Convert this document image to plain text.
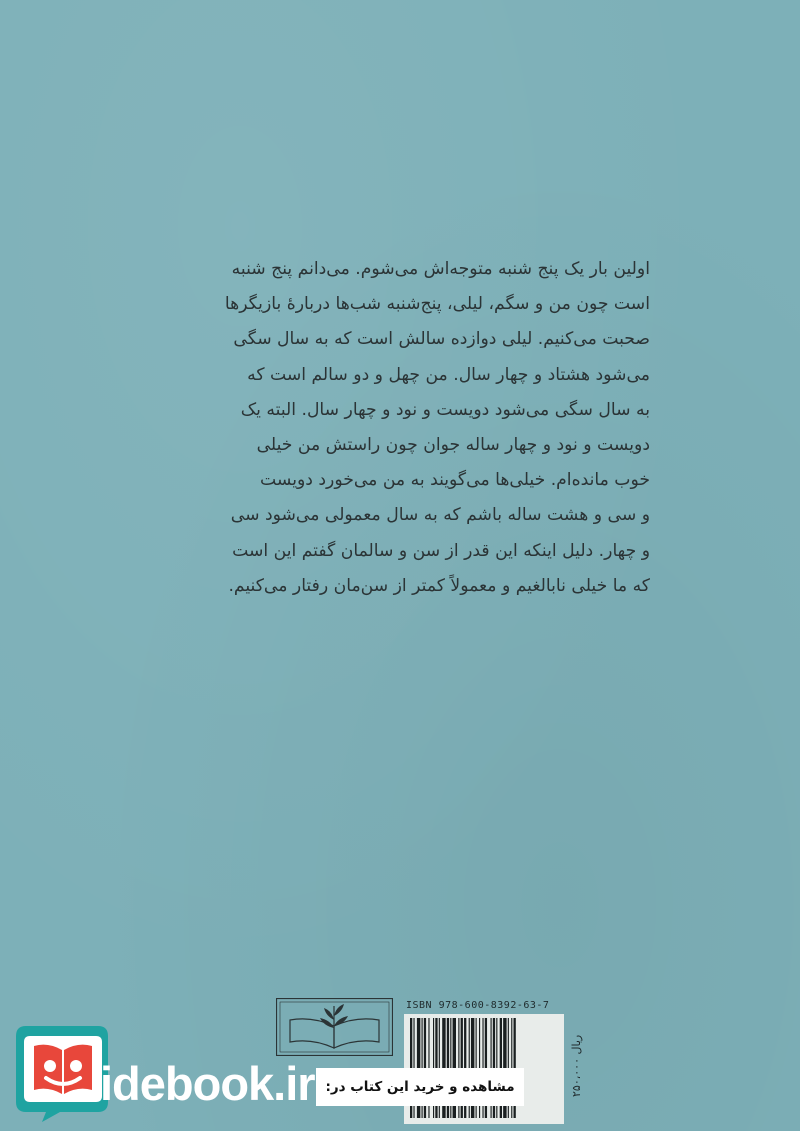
اولین بار یک پنج شنبه متوجه‌اش می‌شوم. می‌دانم پنج شنبه
است چون من و سگم، لیلی، پنج‌شنبه شب‌ها دربارهٔ بازیگرها
صحبت می‌کنیم. لیلی دوازده سالش است که به سال سگی
می‌شود هشتاد و چهار سال. من چهل و دو سالم است که
به سال سگی می‌شود دویست و نود و چهار سال. البته یک
دویست و نود و چهار ساله جوان چون راستش من خیلی
خوب مانده‌ام. خیلی‌ها می‌گویند به من می‌خورد دویست
و سی و هشت ساله باشم که به سال معمولی می‌شود سی
و چهار. دلیل اینکه این قدر از سن و سالمان گفتم این است
که ما خیلی نابالغیم و معمولاً کمتر از سن‌مان رفتار می‌کنیم.
ISBN 978-600-8392-63-7
۲۵۰،۰۰۰ ریال
idebook.ir مشاهده و خرید این کتاب در:
